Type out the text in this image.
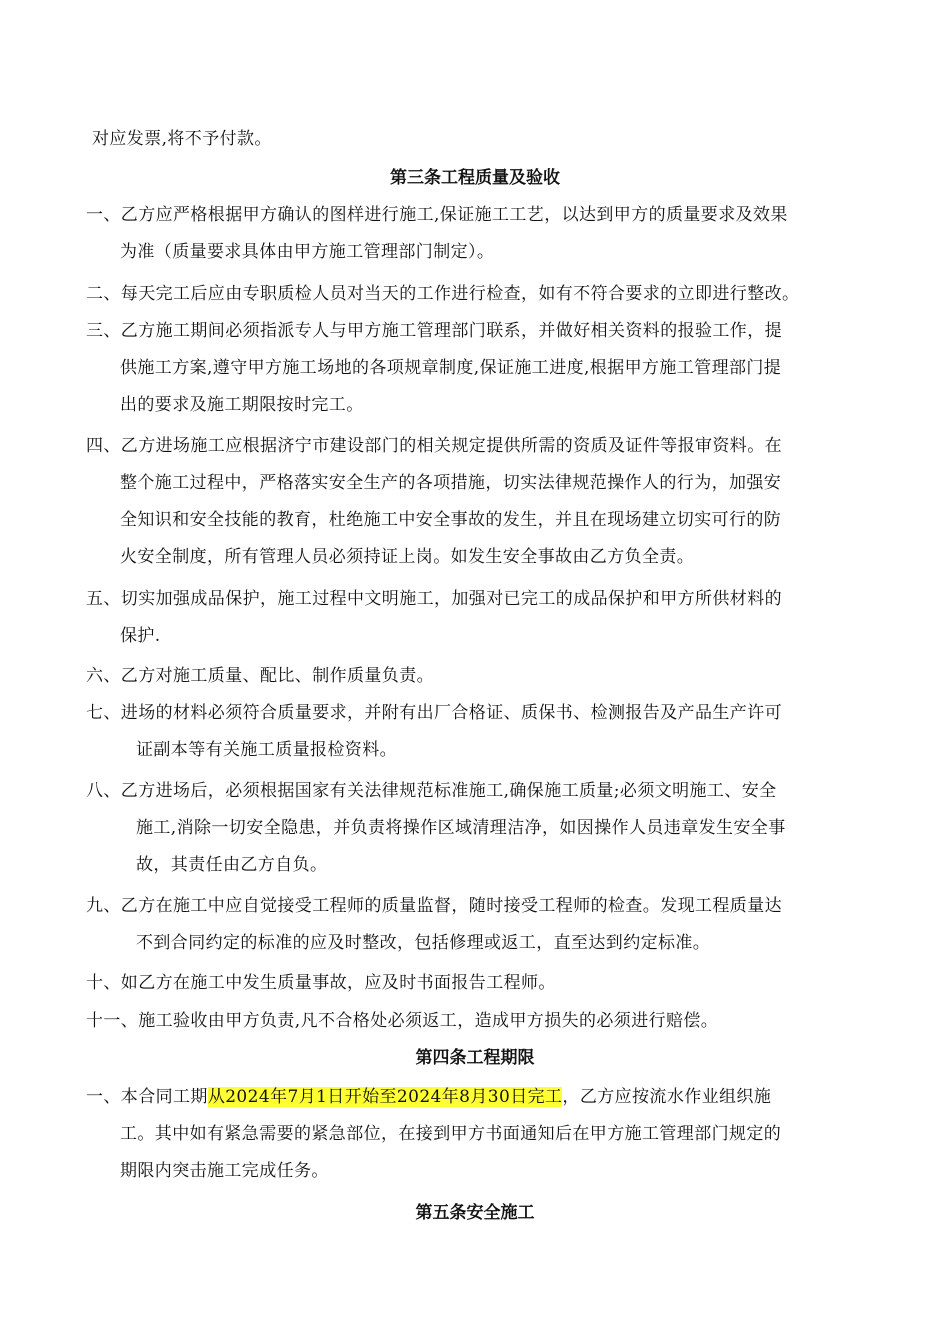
对应发票,将不予付款。
第三条工程质量及验收
一、乙方应严格根据甲方确认的图样进行施工,保证施工工艺，以达到甲方的质量要求及效果
为准（质量要求具体由甲方施工管理部门制定）。
二、每天完工后应由专职质检人员对当天的工作进行检查，如有不符合要求的立即进行整改。
三、乙方施工期间必须指派专人与甲方施工管理部门联系，并做好相关资料的报验工作，提
供施工方案,遵守甲方施工场地的各项规章制度,保证施工进度,根据甲方施工管理部门提
出的要求及施工期限按时完工。
四、乙方进场施工应根据济宁市建设部门的相关规定提供所需的资质及证件等报审资料。在
整个施工过程中，严格落实安全生产的各项措施，切实法律规范操作人的行为，加强安
全知识和安全技能的教育，杜绝施工中安全事故的发生，并且在现场建立切实可行的防
火安全制度，所有管理人员必须持证上岗。如发生安全事故由乙方负全责。
五、切实加强成品保护，施工过程中文明施工，加强对已完工的成品保护和甲方所供材料的
保护.
六、乙方对施工质量、配比、制作质量负责。
七、进场的材料必须符合质量要求，并附有出厂合格证、质保书、检测报告及产品生产许可
证副本等有关施工质量报检资料。
八、乙方进场后，必须根据国家有关法律规范标准施工,确保施工质量;必须文明施工、安全
施工,消除一切安全隐患，并负责将操作区域清理洁净，如因操作人员违章发生安全事
故，其责任由乙方自负。
九、乙方在施工中应自觉接受工程师的质量监督，随时接受工程师的检查。发现工程质量达
不到合同约定的标准的应及时整改，包括修理或返工，直至达到约定标准。
十、如乙方在施工中发生质量事故，应及时书面报告工程师。
十一、施工验收由甲方负责,凡不合格处必须返工，造成甲方损失的必须进行赔偿。
第四条工程期限
一、本合同工期从2024年7月1日开始至2024年8月30日完工，乙方应按流水作业组织施
工。其中如有紧急需要的紧急部位，在接到甲方书面通知后在甲方施工管理部门规定的
期限内突击施工完成任务。
第五条安全施工
